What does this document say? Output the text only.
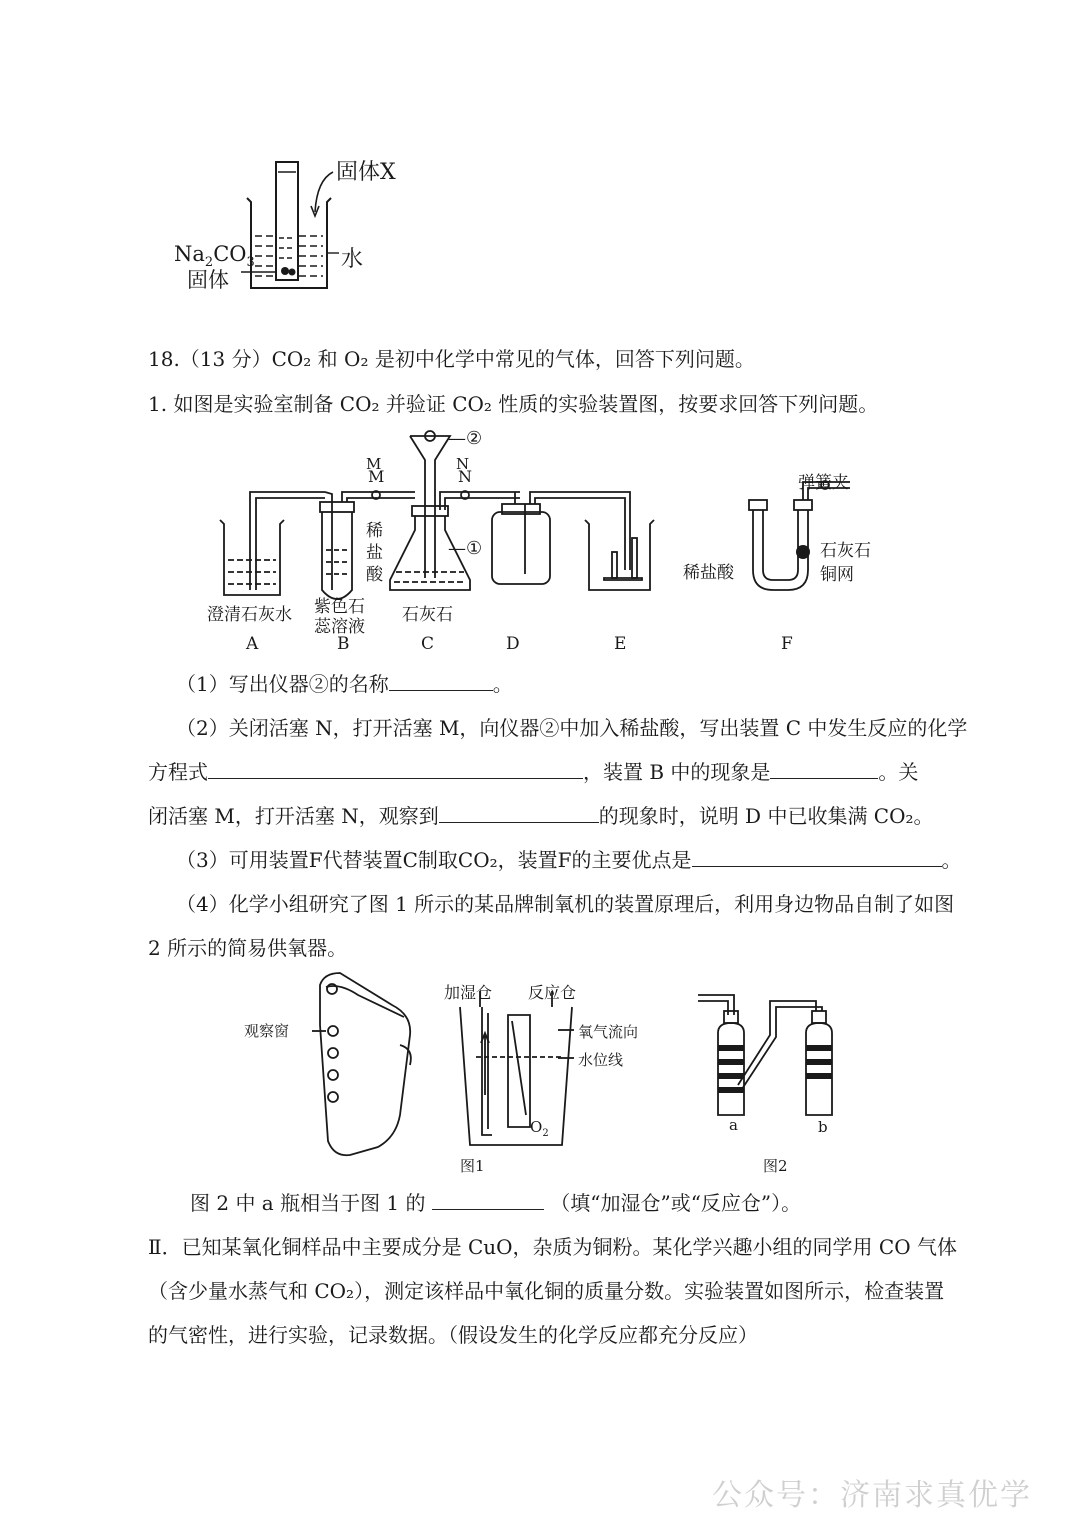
固体X
$Na_2CO_3$
固体
水
18.（13 分）CO₂ 和 O₂ 是初中化学中常见的气体，回答下列问题。
1. 如图是实验室制备 CO₂ 并验证 CO₂ 性质的实验装置图，按要求回答下列问题。
M	N
—②
—①
M	N
稀
盐
酸
澄清石灰水 紫色石
蕊溶液
石灰石
弹簧夹
石灰石
铜网
稀盐酸
A	B	C	D	E	F
（1）写出仪器②的名称	。
（2）关闭活塞 N，打开活塞 M，向仪器②中加入稀盐酸，写出装置 C 中发生反应的化学
方程式	，装置 B 中的现象是	。关
闭活塞 M，打开活塞 N，观察到	的现象时，说明 D 中已收集满 CO₂。
（3）可用装置F代替装置C制取CO₂，装置F的主要优点是	。
（4）化学小组研究了图 1 所示的某品牌制氧机的装置原理后，利用身边物品自制了如图
2 所示的简易供氧器。
观察窗
加湿仓 反应仓
氧气流向
水位线
$O_2$
图1	图2
a	b
图 2 中 a 瓶相当于图 1 的	（填“加湿仓”或“反应仓”）。
Ⅱ．已知某氧化铜样品中主要成分是 CuO，杂质为铜粉。某化学兴趣小组的同学用 CO 气体
（含少量水蒸气和 CO₂），测定该样品中氧化铜的质量分数。实验装置如图所示，检查装置
的气密性，进行实验，记录数据。（假设发生的化学反应都充分反应）
公众号：济南求真优学
